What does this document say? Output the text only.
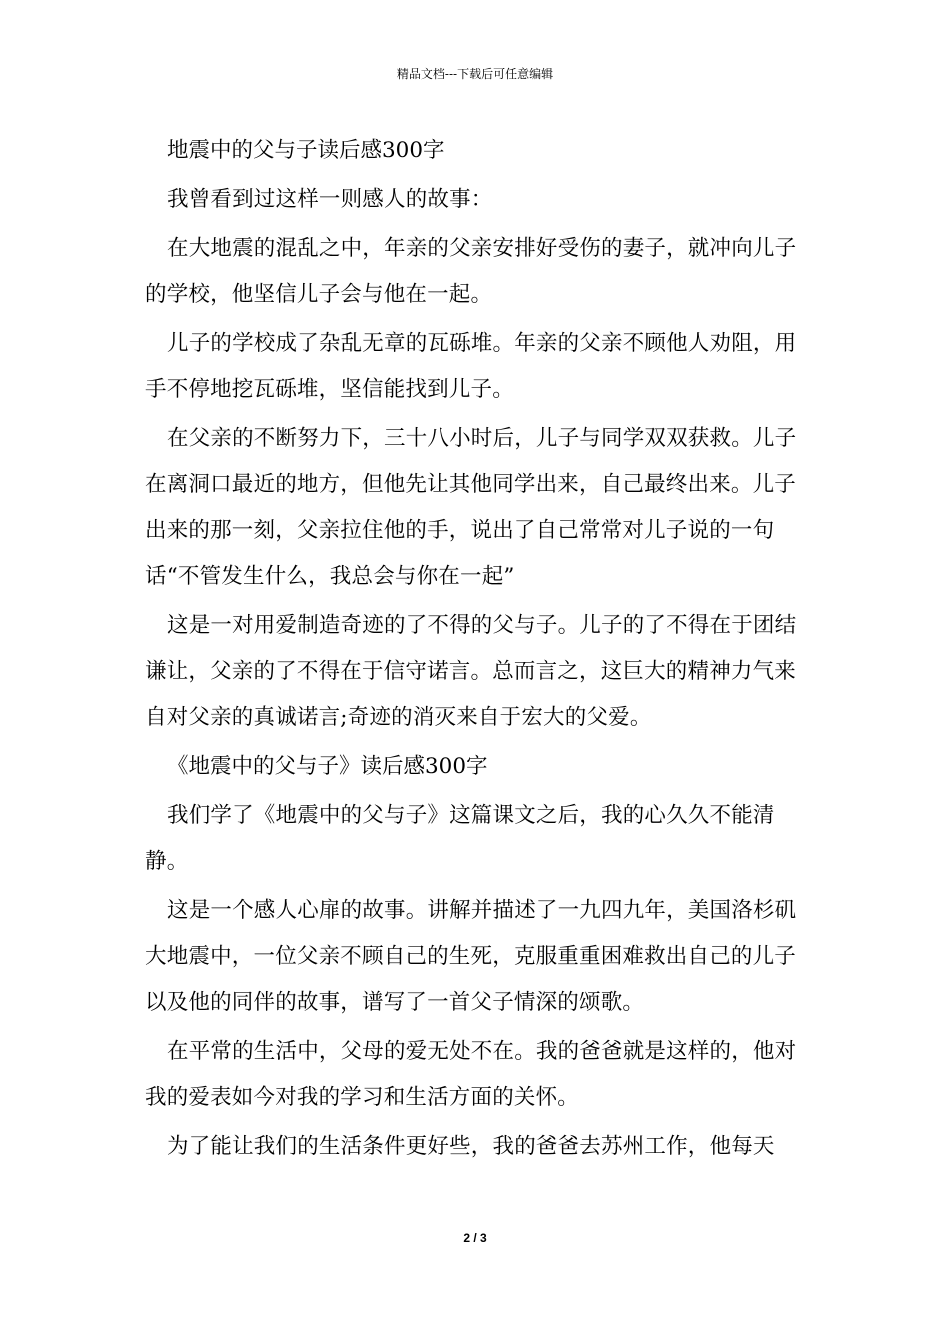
精品文档---下载后可任意编辑

地震中的父与子读后感300字

我曾看到过这样一则感人的故事：

在大地震的混乱之中，年亲的父亲安排好受伤的妻子，就冲向儿子的学校，他坚信儿子会与他在一起。

儿子的学校成了杂乱无章的瓦砾堆。年亲的父亲不顾他人劝阻，用手不停地挖瓦砾堆，坚信能找到儿子。

在父亲的不断努力下，三十八小时后，儿子与同学双双获救。儿子在离洞口最近的地方，但他先让其他同学出来，自己最终出来。儿子出来的那一刻，父亲拉住他的手，说出了自己常常对儿子说的一句话“不管发生什么，我总会与你在一起”

这是一对用爱制造奇迹的了不得的父与子。儿子的了不得在于团结谦让，父亲的了不得在于信守诺言。总而言之，这巨大的精神力气来自对父亲的真诚诺言;奇迹的消灭来自于宏大的父爱。

《地震中的父与子》读后感300字

我们学了《地震中的父与子》这篇课文之后，我的心久久不能清静。

这是一个感人心扉的故事。讲解并描述了一九四九年，美国洛杉矶大地震中，一位父亲不顾自己的生死，克服重重困难救出自己的儿子以及他的同伴的故事，谱写了一首父子情深的颂歌。

在平常的生活中，父母的爱无处不在。我的爸爸就是这样的，他对我的爱表如今对我的学习和生活方面的关怀。

为了能让我们的生活条件更好些，我的爸爸去苏州工作，他每天

2 / 3
